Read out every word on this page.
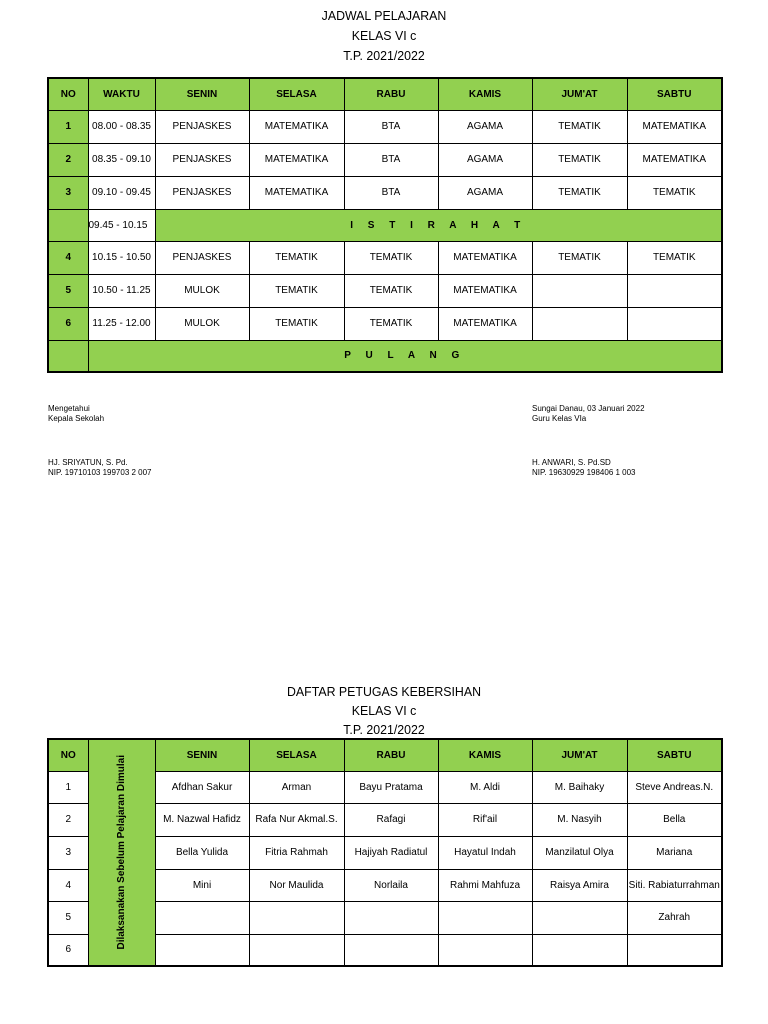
JADWAL PELAJARAN
KELAS VI c
T.P. 2021/2022
NO	WAKTU	SENIN	SELASA	RABU	KAMIS	JUM'AT	SABTU
1	08.00 - 08.35	PENJASKES	MATEMATIKA	BTA	AGAMA	TEMATIK	MATEMATIKA
2	08.35 - 09.10	PENJASKES	MATEMATIKA	BTA	AGAMA	TEMATIK	MATEMATIKA
3	09.10 - 09.45	PENJASKES	MATEMATIKA	BTA	AGAMA	TEMATIK	TEMATIK
	09.45 - 10.15	I S T I R A H A T					
4	10.15 - 10.50	PENJASKES	TEMATIK	TEMATIK	MATEMATIKA	TEMATIK	TEMATIK
5	10.50 - 11.25	MULOK	TEMATIK	TEMATIK	MATEMATIKA		
6	11.25 - 12.00	MULOK	TEMATIK	TEMATIK	MATEMATIKA		
	P U L A N G						
Mengetahui
Kepala Sekolah
HJ. SRIYATUN, S. Pd.
NIP. 19710103 199703 2 007
Sungai Danau, 03 Januari 2022
Guru Kelas VIa
H. ANWARI, S. Pd.SD
NIP. 19630929 198406 1 003
DAFTAR PETUGAS KEBERSIHAN
KELAS VI c
T.P. 2021/2022
NO	Dilaksanakan Sebelum Pelajaran Dimulai	SENIN	SELASA	RABU	KAMIS	JUM'AT	SABTU
1		Afdhan Sakur	Arman	Bayu Pratama	M. Aldi	M. Baihaky	Steve Andreas.N.
2		M. Nazwal Hafidz	Rafa Nur Akmal.S.	Rafagi	Rif'ail	M. Nasyih	Bella
3		Bella Yulida	Fitria Rahmah	Hajiyah Radiatul	Hayatul Indah	Manzilatul Olya	Mariana
4		Mini	Nor Maulida	Norlaila	Rahmi Mahfuza	Raisya Amira	Siti. Rabiaturrahman
5							Zahrah
6							
